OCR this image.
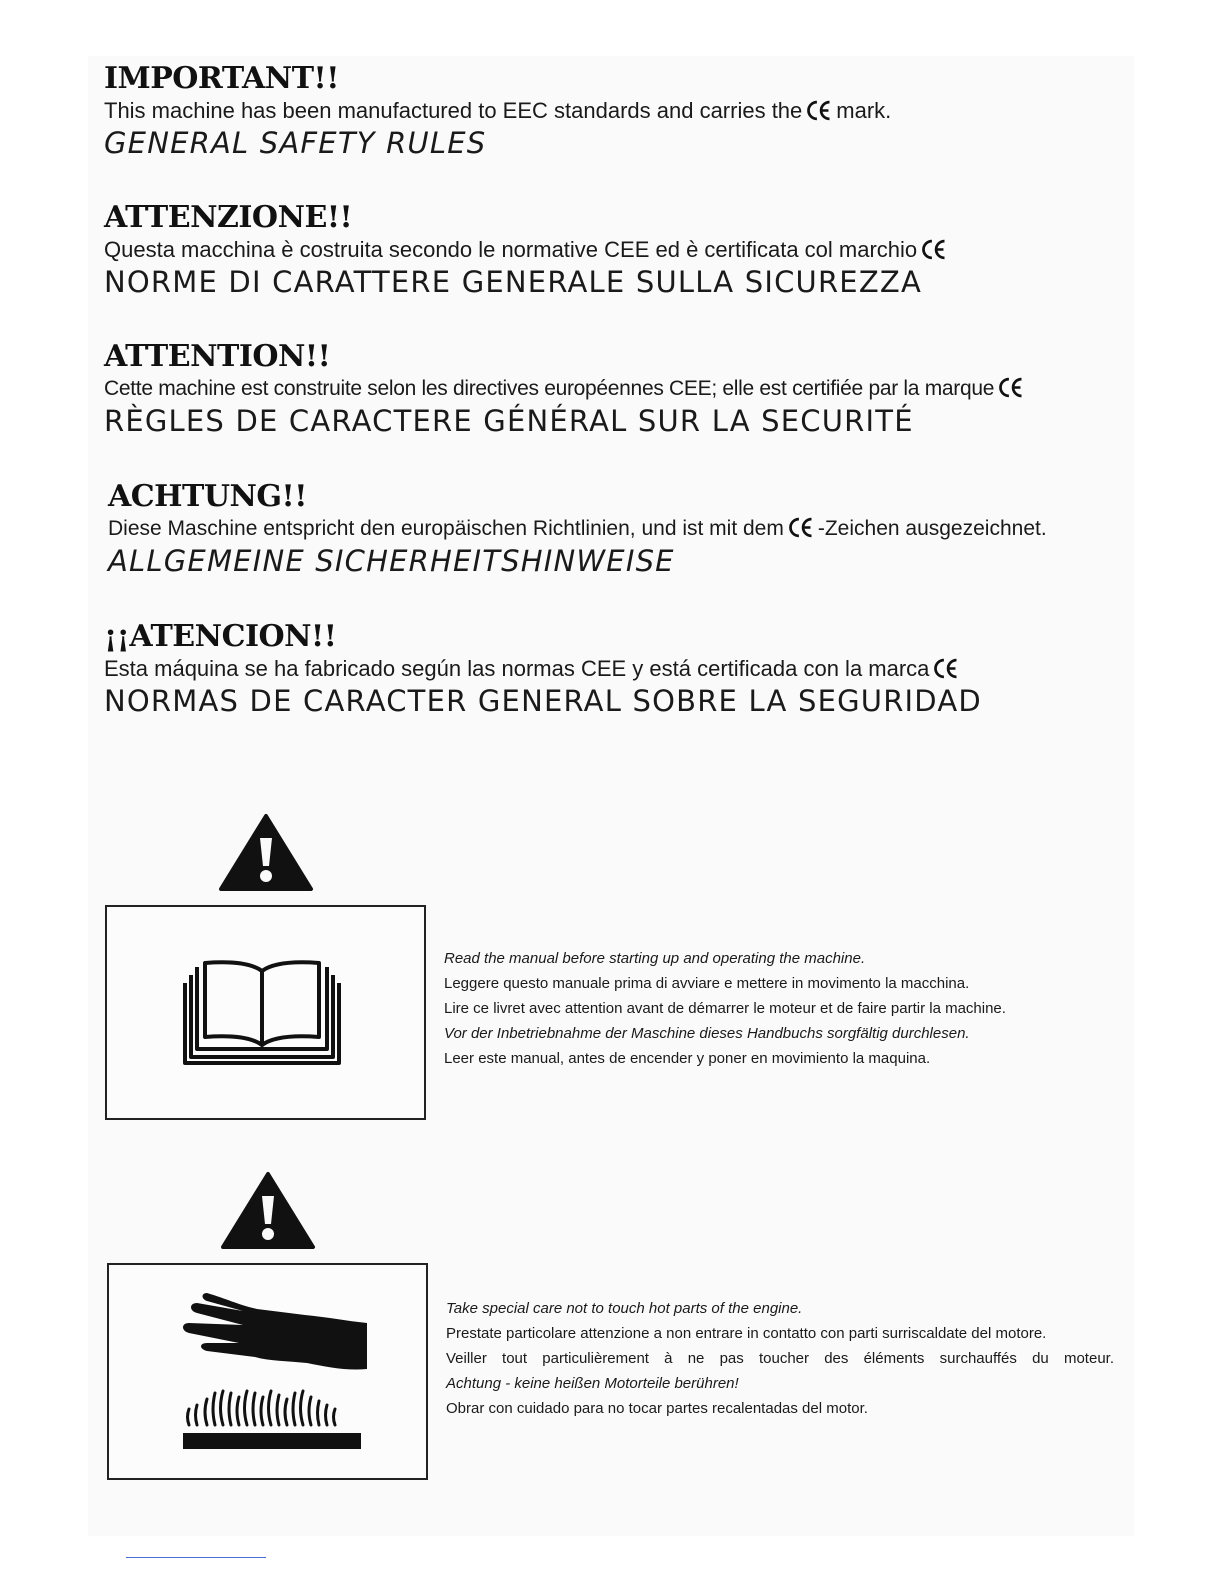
IMPORTANT!!
This machine has been manufactured to EEC standards and carries the mark.
GENERAL SAFETY RULES
ATTENZIONE!!
Questa macchina è costruita secondo le normative CEE ed è certificata col marchio
NORME DI CARATTERE GENERALE SULLA SICUREZZA
ATTENTION!!
Cette machine est construite selon les directives européennes CEE; elle est certifiée par la marque
RÈGLES DE CARACTERE GÉNÉRAL SUR LA SECURITÉ
ACHTUNG!!
Diese Maschine entspricht den europäischen Richtlinien, und ist mit dem -Zeichen ausgezeichnet.
ALLGEMEINE SICHERHEITSHINWEISE
¡¡ATENCION!!
Esta máquina se ha fabricado según las normas CEE y está certificada con la marca
NORMAS DE CARACTER GENERAL SOBRE LA SEGURIDAD

Read the manual before starting up and operating the machine.

Leggere questo manuale prima di avviare e mettere in movimento la macchina.

Lire ce livret avec attention avant de démarrer le moteur et de faire partir la machine.

Vor der Inbetriebnahme der Maschine dieses Handbuchs sorgfältig durchlesen.

Leer este manual, antes de encender y poner en movimiento la maquina.

Take special care not to touch hot parts of the engine.

Prestate particolare attenzione a non entrare in contatto con parti surriscaldate del motore.

Veiller tout particulièrement à ne pas toucher des éléments surchauffés du moteur.

Achtung - keine heißen Motorteile berühren!

Obrar con cuidado para no tocar partes recalentadas del motor.
